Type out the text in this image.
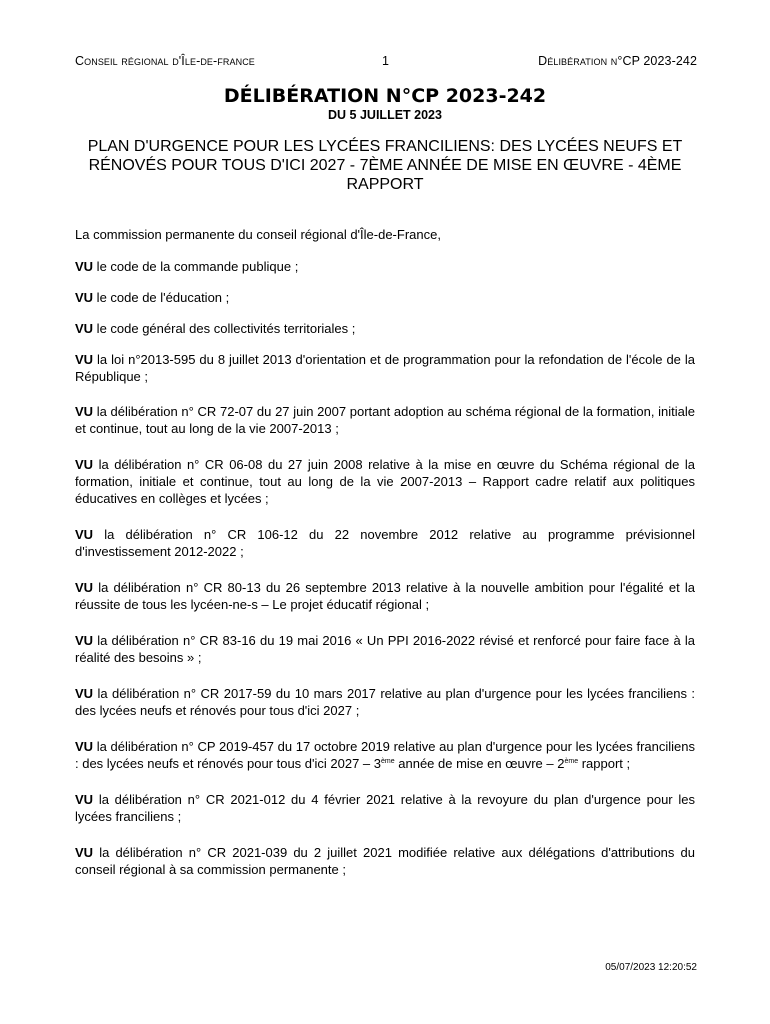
Conseil régional d'Île-de-france	1	Délibération n°CP 2023-242
DÉLIBÉRATION N°CP 2023-242
DU 5 JUILLET 2023
PLAN D'URGENCE POUR LES LYCÉES FRANCILIENS: DES LYCÉES NEUFS ET RÉNOVÉS POUR TOUS D'ICI 2027 - 7ÈME ANNÉE DE MISE EN ŒUVRE - 4ÈME RAPPORT

La commission permanente du conseil régional d'Île-de-France,

VU le code de la commande publique ;

VU le code de l'éducation ;

VU le code général des collectivités territoriales ;

VU la loi n°2013-595 du 8 juillet 2013 d'orientation et de programmation pour la refondation de l'école de la République ;

VU la délibération n° CR 72-07 du 27 juin 2007 portant adoption au schéma régional de la formation, initiale et continue, tout au long de la vie 2007-2013 ;

VU la délibération n° CR 06-08 du 27 juin 2008 relative à la mise en œuvre du Schéma régional de la formation, initiale et continue, tout au long de la vie 2007-2013 – Rapport cadre relatif aux politiques éducatives en collèges et lycées ;

VU la délibération n° CR 106-12 du 22 novembre 2012 relative au programme prévisionnel d'investissement 2012-2022 ;

VU la délibération n° CR 80-13 du 26 septembre 2013 relative à la nouvelle ambition pour l'égalité et la réussite de tous les lycéen-ne-s – Le projet éducatif régional ;

VU la délibération n° CR 83-16 du 19 mai 2016 « Un PPI 2016-2022 révisé et renforcé pour faire face à la réalité des besoins » ;

VU la délibération n° CR 2017-59 du 10 mars 2017 relative au plan d'urgence pour les lycées franciliens : des lycées neufs et rénovés pour tous d'ici 2027 ;

VU la délibération n° CP 2019-457 du 17 octobre 2019 relative au plan d'urgence pour les lycées franciliens : des lycées neufs et rénovés pour tous d'ici 2027 – 3ème année de mise en œuvre – 2ème rapport ;

VU la délibération n° CR 2021-012 du 4 février 2021 relative à la revoyure du plan d'urgence pour les lycées franciliens ;

VU la délibération n° CR 2021-039 du 2 juillet 2021 modifiée relative aux délégations d'attributions du conseil régional à sa commission permanente ;

05/07/2023 12:20:52
